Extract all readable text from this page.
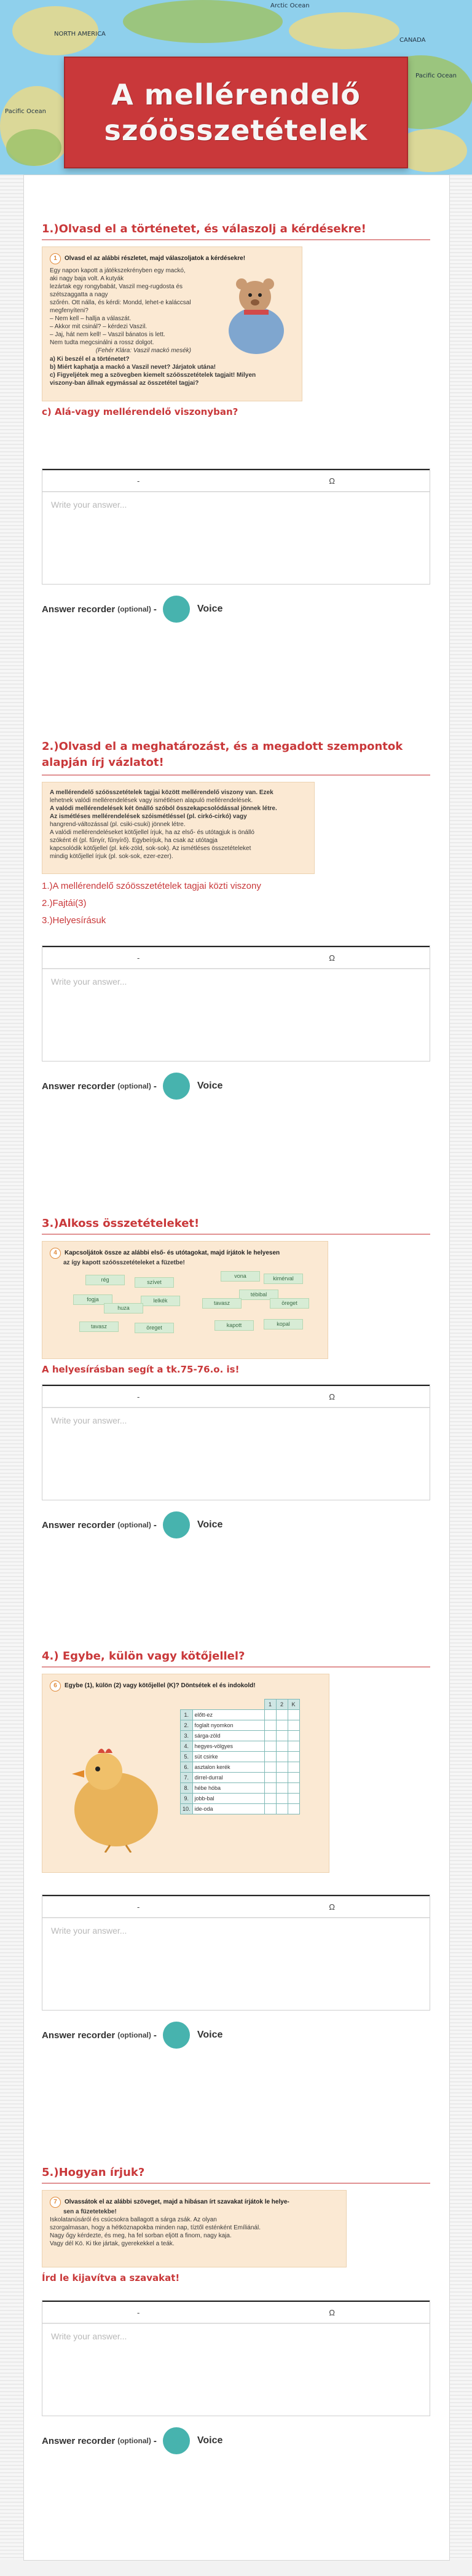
Arctic Ocean
Pacific Ocean
Pacific Ocean
NORTH AMERICA
CANADA
A mellérendelő
szóösszetételek
1.)Olvasd el a történetet, és válaszolj a kérdésekre!
1 Olvasd el az alábbi részletet, majd válaszoljatok a kérdésekre!
Egy napon kapott a játékszekrényben egy mackó, aki nagy baja volt. A kutyák
lezártak egy rongybabát, Vaszil meg-rugdosta és szétszaggatta a nagy
szőrén. Ott nálla, és kérdi: Mondd, lehet-e kaláccsal megfenyíteni?
– Nem kell – hallja a válaszát.
– Akkor mit csinál? – kérdezi Vaszil.
– Jaj, hát nem kell! – Vaszil bánatos is lett.
Nem tudta megcsinálni a rossz dolgot.
(Fehér Klára: Vaszil mackó mesék)
a) Ki beszél el a történetet?
b) Miért kaphatja a mackó a Vaszil nevet? Járjatok utána!
c) Figyeljétek meg a szövegben kiemelt szóösszetételek tagjait! Milyen viszony-ban állnak egymással az összetétel tagjai?
c) Alá-vagy mellérendelő viszonyban?
-	Ω
Write your answer...
Answer recorder (optional) -	Voice
2.)Olvasd el a meghatározást, és a megadott szempontok alapján írj vázlatot!
A mellérendelő szóösszetételek tagjai között mellérendelő viszony van. Ezek
lehetnek valódi mellérendelések vagy ismétlésen alapuló mellérendelések.
A valódi mellérendelések két önálló szóból összekapcsolódással jönnek létre.
Az ismétléses mellérendelések szóismétléssel (pl. cirkó-cirkó) vagy
hangrend-változással (pl. csiki-csuki) jönnek létre.
A valódi mellérendeléseket kötőjellel írjuk, ha az első- és utótagjuk is önálló
szóként él (pl. fűnyír, fűnyírő). Egybeírjuk, ha csak az utótagja
kapcsolódik kötőjellel (pl. kék-zöld, sok-sok). Az ismétléses összetételeket
mindig kötőjellel írjuk (pl. sok-sok, ezer-ezer).
1.)A mellérendelő szóösszetételek tagjai közti viszony
2.)Fajtái(3)
3.)Helyesírásuk
-	Ω
Write your answer...
Answer recorder (optional) -	Voice
3.)Alkoss összetételeket!
4 Kapcsoljátok össze az alábbi első- és utótagokat, majd írjátok le helyesen
az így kapott szóösszetételeket a füzetbe!
rég	szívet
fogja	lelkék
huza
tavasz	öreget
vona	kimérval
tébibal
tavasz	öreget
kapott	kopal
A helyesírásban segít a tk.75-76.o. is!
-	Ω
Write your answer...
Answer recorder (optional) -	Voice
4.) Egybe, külön vagy kötőjellel?
6 Egybe (1), külön (2) vagy kötőjellel (K)? Döntsétek el és indokold!
		1	2	K
1.	előtt-ez			
2.	foglalt nyomkon			
3.	sárga-zöld			
4.	hegyes-völgyes			
5.	süt csirke			
6.	asztalon kerék			
7.	dirrel-durral			
8.	hébe hóba			
9.	jobb-bal			
10.	ide-oda			
-	Ω
Write your answer...
Answer recorder (optional) -	Voice
5.)Hogyan írjuk?
7 Olvassátok el az alábbi szöveget, majd a hibásan írt szavakat írjátok le helye-
sen a füzetetekbe!
Iskolatanúsáról és csúcsokra ballagott a sárga zsák. Az olyan
szorgalmasan, hogy a hétköznapokba minden nap, tíztől esténként Emíliánál.
Nagy őgy kérdezte, és meg, ha fel sorban eljött a finom, nagy kaja.
Vagy dél Kö. Ki tke jártak, gyerekekkel a teák.
Írd le kijavítva a szavakat!
-	Ω
Write your answer...
Answer recorder (optional) -	Voice
